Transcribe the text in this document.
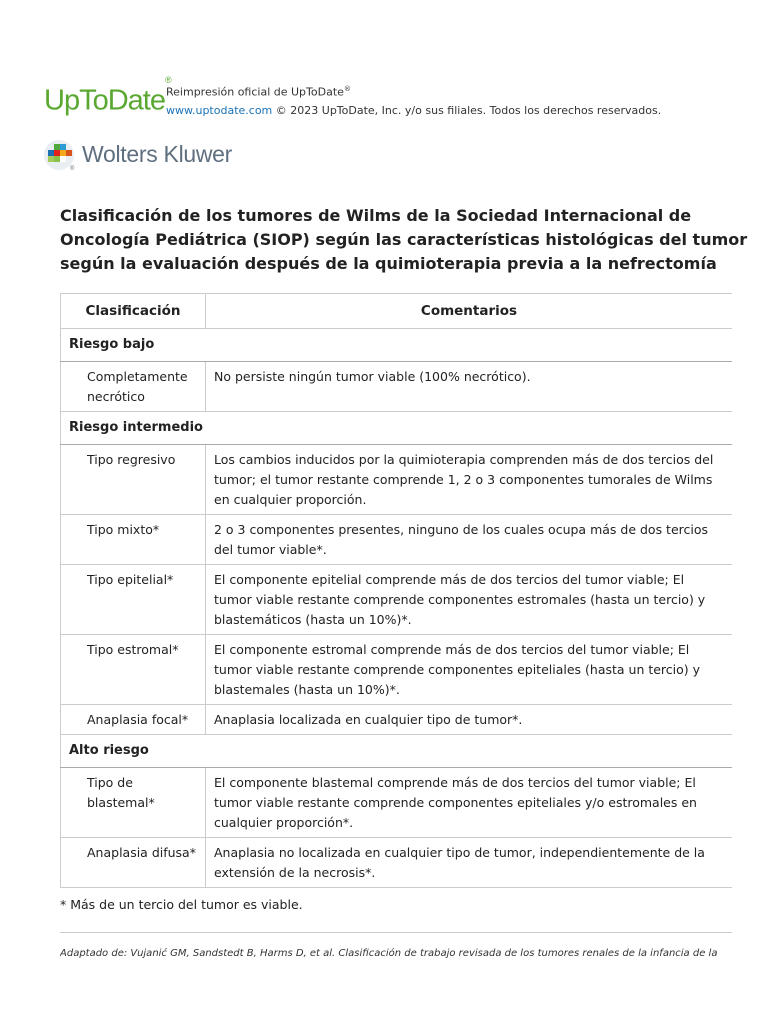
UpToDate®
Reimpresión oficial de UpToDate®
www.uptodate.com © 2023 UpToDate, Inc. y/o sus filiales. Todos los derechos reservados.
®
Wolters Kluwer
Clasificación de los tumores de Wilms de la Sociedad Internacional de Oncología Pediátrica (SIOP) según las características histológicas del tumor según la evaluación después de la quimioterapia previa a la nefrectomía
Clasificación	Comentarios
Riesgo bajo	
Completamente necrótico	No persiste ningún tumor viable (100% necrótico).
Riesgo intermedio	
Tipo regresivo	Los cambios inducidos por la quimioterapia comprenden más de dos tercios del tumor; el tumor restante comprende 1, 2 o 3 componentes tumorales de Wilms en cualquier proporción.
Tipo mixto*	2 o 3 componentes presentes, ninguno de los cuales ocupa más de dos tercios del tumor viable*.
Tipo epitelial*	El componente epitelial comprende más de dos tercios del tumor viable; El tumor viable restante comprende componentes estromales (hasta un tercio) y blastemáticos (hasta un 10%)*.
Tipo estromal*	El componente estromal comprende más de dos tercios del tumor viable; El tumor viable restante comprende componentes epiteliales (hasta un tercio) y blastemales (hasta un 10%)*.
Anaplasia focal*	Anaplasia localizada en cualquier tipo de tumor*.
Alto riesgo	
Tipo de blastemal*	El componente blastemal comprende más de dos tercios del tumor viable; El tumor viable restante comprende componentes epiteliales y/o estromales en cualquier proporción*.
Anaplasia difusa*	Anaplasia no localizada en cualquier tipo de tumor, independientemente de la extensión de la necrosis*.
* Más de un tercio del tumor es viable.
Adaptado de: Vujanić GM, Sandstedt B, Harms D, et al. Clasificación de trabajo revisada de los tumores renales de la infancia de la
